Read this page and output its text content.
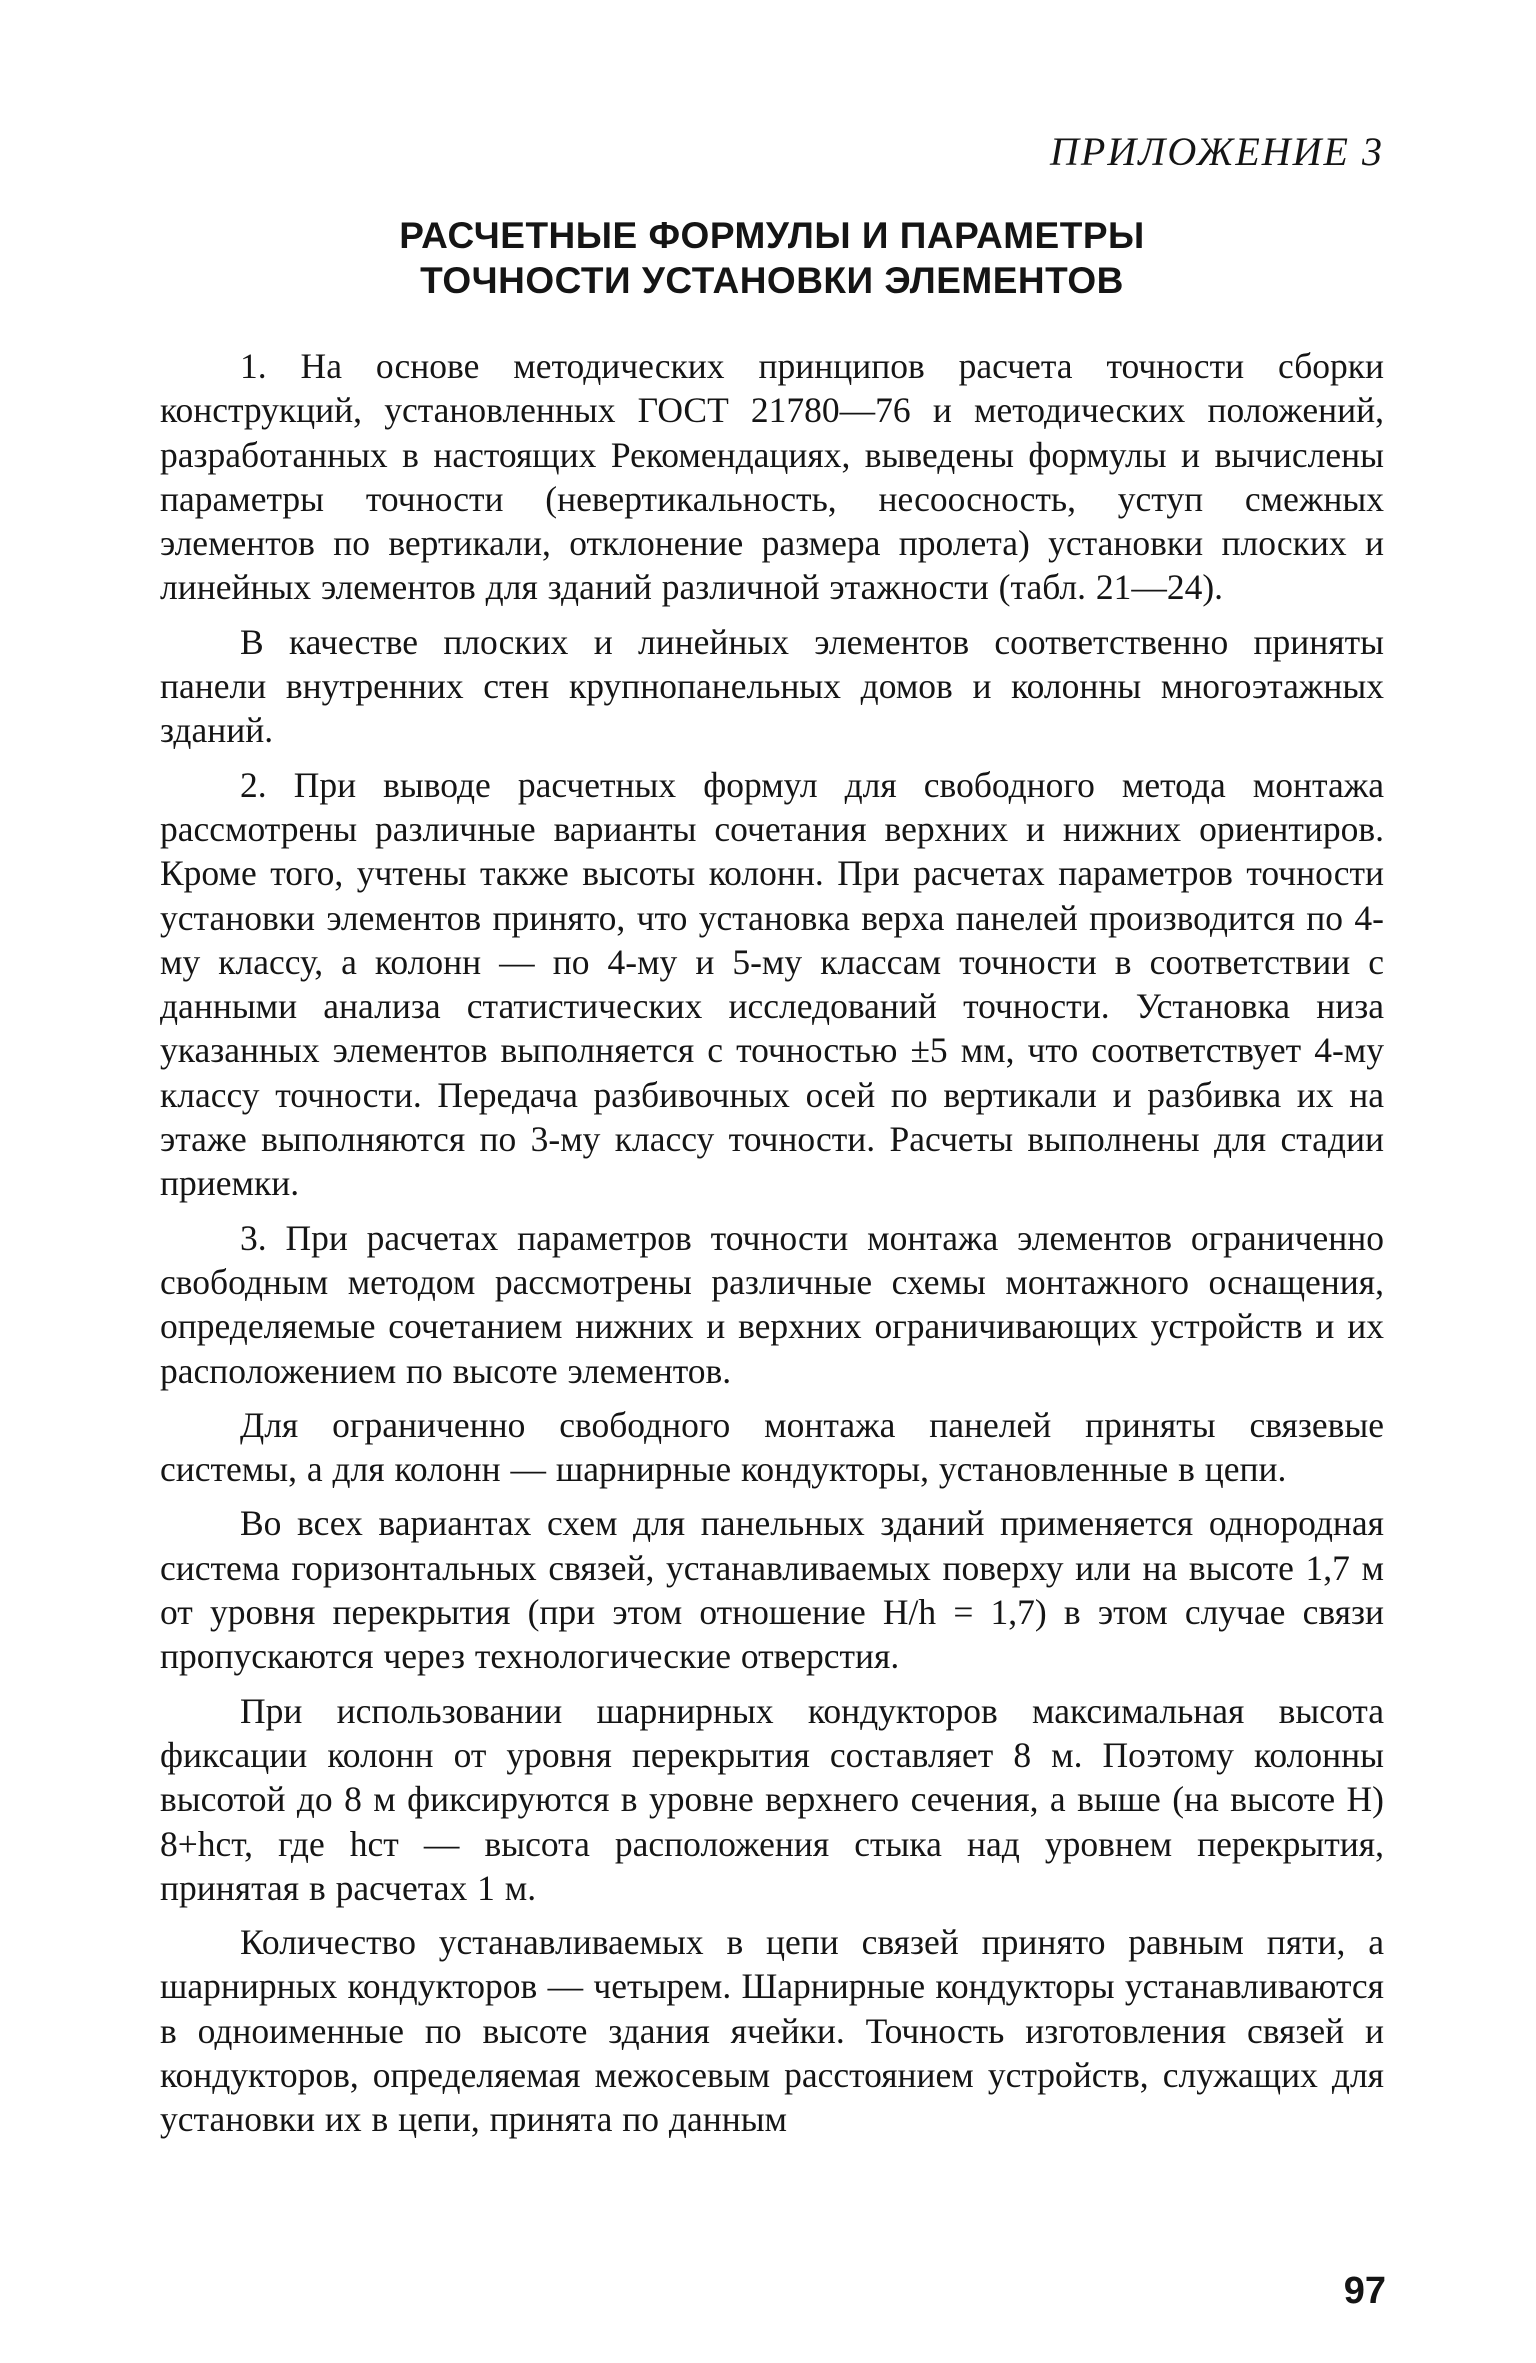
ПРИЛОЖЕНИЕ 3

РАСЧЕТНЫЕ ФОРМУЛЫ И ПАРАМЕТРЫ
ТОЧНОСТИ УСТАНОВКИ ЭЛЕМЕНТОВ

1. На основе методических принципов расчета точности сборки конструкций, установленных ГОСТ 21780—76 и методических положений, разработанных в настоящих Рекомендациях, выведены формулы и вычислены параметры точности (невертикальность, несоосность, уступ смежных элементов по вертикали, отклонение размера пролета) установки плоских и линейных элементов для зданий различной этажности (табл. 21—24).

В качестве плоских и линейных элементов соответственно приняты панели внутренних стен крупнопанельных домов и колонны многоэтажных зданий.

2. При выводе расчетных формул для свободного метода монтажа рассмотрены различные варианты сочетания верхних и нижних ориентиров. Кроме того, учтены также высоты колонн. При расчетах параметров точности установки элементов принято, что установка верха панелей производится по 4-му классу, а колонн — по 4-му и 5-му классам точности в соответствии с данными анализа статистических исследований точности. Установка низа указанных элементов выполняется с точностью ±5 мм, что соответствует 4-му классу точности. Передача разбивочных осей по вертикали и разбивка их на этаже выполняются по 3-му классу точности. Расчеты выполнены для стадии приемки.

3. При расчетах параметров точности монтажа элементов ограниченно свободным методом рассмотрены различные схемы монтажного оснащения, определяемые сочетанием нижних и верхних ограничивающих устройств и их расположением по высоте элементов.

Для ограниченно свободного монтажа панелей приняты связевые системы, а для колонн — шарнирные кондукторы, установленные в цепи.

Во всех вариантах схем для панельных зданий применяется однородная система горизонтальных связей, устанавливаемых поверху или на высоте 1,7 м от уровня перекрытия (при этом отношение H/h = 1,7) в этом случае связи пропускаются через технологические отверстия.

При использовании шарнирных кондукторов максимальная высота фиксации колонн от уровня перекрытия составляет 8 м. Поэтому колонны высотой до 8 м фиксируются в уровне верхнего сечения, а выше (на высоте H) 8+hст, где hст — высота расположения стыка над уровнем перекрытия, принятая в расчетах 1 м.

Количество устанавливаемых в цепи связей принято равным пяти, а шарнирных кондукторов — четырем. Шарнирные кондукторы устанавливаются в одноименные по высоте здания ячейки. Точность изготовления связей и кондукторов, определяемая межосевым расстоянием устройств, служащих для установки их в цепи, принята по данным

97
